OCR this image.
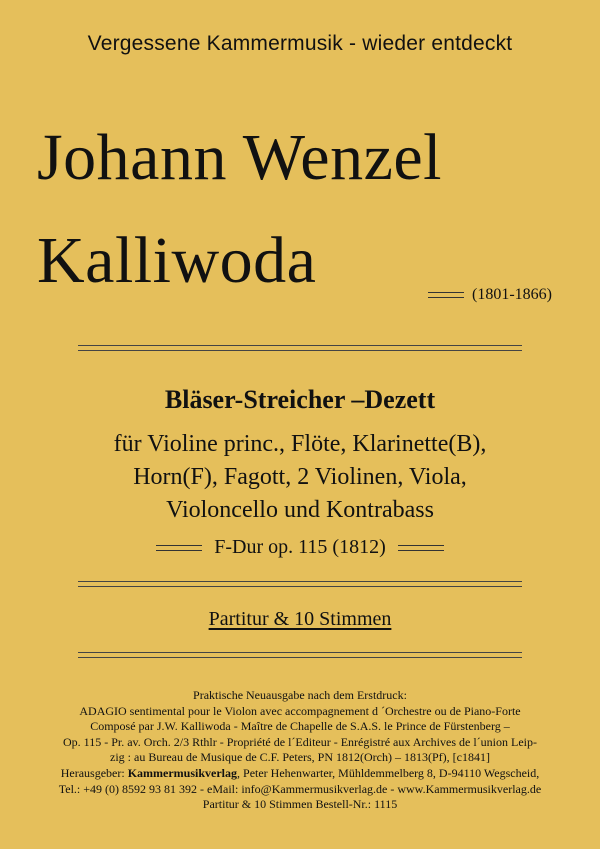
Vergessene Kammermusik - wieder entdeckt
Johann Wenzel
Kalliwoda	(1801-1866)
Bläser-Streicher –Dezett
für Violine princ., Flöte, Klarinette(B),
Horn(F), Fagott, 2 Violinen, Viola,
Violoncello und Kontrabass
F-Dur op. 115 (1812)
Partitur & 10 Stimmen
Praktische Neuausgabe nach dem Erstdruck:
ADAGIO sentimental pour le Violon avec accompagnement d ´Orchestre ou de Piano-Forte
Composé par J.W. Kalliwoda - Maître de Chapelle de S.A.S. le Prince de Fürstenberg –
Op. 115 - Pr. av. Orch. 2/3 Rthlr - Propriété de l´Editeur - Enrégistré aux Archives de l´union Leip-
zig : au Bureau de Musique de C.F. Peters, PN 1812(Orch) – 1813(Pf), [c1841]
Herausgeber: Kammermusikverlag, Peter Hehenwarter, Mühldemmelberg 8, D-94110 Wegscheid,
Tel.: +49 (0) 8592 93 81 392 - eMail: info@Kammermusikverlag.de - www.Kammermusikverlag.de
Partitur & 10 Stimmen Bestell-Nr.: 1115
